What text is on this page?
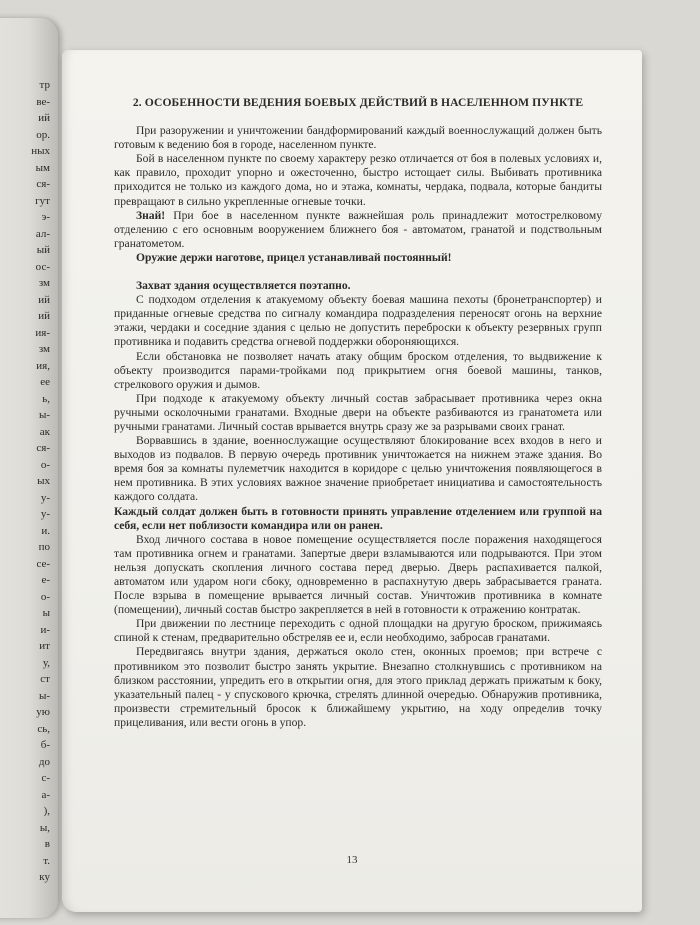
тр
ве-
ий
ор.
ных
ым
ся-
гут
э-
ал-
ый
ос-
зм
ий
ий
ия-
зм
ия,
ее
ь,
ы-
ак
ся-
о-
ых
у-
у-
и.
по
се-
е-
о-
ы
и-
ит
у,
ст
ы-
ую
сь,
б-
до
с-
a-
),
ы,
в
т.
ку
2. ОСОБЕННОСТИ ВЕДЕНИЯ БОЕВЫХ ДЕЙСТВИЙ В НАСЕЛЕННОМ ПУНКТЕ

При разоружении и уничтожении бандформирований каждый военнослужащий должен быть готовым к ведению боя в городе, населенном пункте.

Бой в населенном пункте по своему характеру резко отличается от боя в полевых условиях и, как правило, проходит упорно и ожесточенно, быстро истощает силы. Выбивать противника приходится не только из каждого дома, но и этажа, комнаты, чердака, подвала, которые бандиты превращают в сильно укрепленные огневые точки.

Знай! При бое в населенном пункте важнейшая роль принадлежит мотострелковому отделению с его основным вооружением ближнего боя - автоматом, гранатой и подствольным гранатометом.

Оружие держи наготове, прицел устанавливай постоянный!

Захват здания осуществляется поэтапно.

С подходом отделения к атакуемому объекту боевая машина пехоты (бронетранспортер) и приданные огневые средства по сигналу командира подразделения переносят огонь на верхние этажи, чердаки и соседние здания с целью не допустить переброски к объекту резервных групп противника и подавить средства огневой поддержки обороняющихся.

Если обстановка не позволяет начать атаку общим броском отделения, то выдвижение к объекту производится парами-тройками под прикрытием огня боевой машины, танков, стрелкового оружия и дымов.

При подходе к атакуемому объекту личный состав забрасывает противника через окна ручными осколочными гранатами. Входные двери на объекте разбиваются из гранатомета или ручными гранатами. Личный состав врывается внутрь сразу же за разрывами своих гранат.

Ворвавшись в здание, военнослужащие осуществляют блокирование всех входов в него и выходов из подвалов. В первую очередь противник уничтожается на нижнем этаже здания. Во время боя за комнаты пулеметчик находится в коридоре с целью уничтожения появляющегося в нем противника. В этих условиях важное значение приобретает инициатива и самостоятельность каждого солдата.

Каждый солдат должен быть в готовности принять управление отделением или группой на себя, если нет поблизости командира или он ранен.

Вход личного состава в новое помещение осуществляется после поражения находящегося там противника огнем и гранатами. Запертые двери взламываются или подрываются. При этом нельзя допускать скопления личного состава перед дверью. Дверь распахивается палкой, автоматом или ударом ноги сбоку, одновременно в распахнутую дверь забрасывается граната. После взрыва в помещение врывается личный состав. Уничтожив противника в комнате (помещении), личный состав быстро закрепляется в ней в готовности к отражению контратак.

При движении по лестнице переходить с одной площадки на другую броском, прижимаясь спиной к стенам, предварительно обстреляв ее и, если необходимо, забросав гранатами.

Передвигаясь внутри здания, держаться около стен, оконных проемов; при встрече с противником это позволит быстро занять укрытие. Внезапно столкнувшись с противником на близком расстоянии, упредить его в открытии огня, для этого приклад держать прижатым к боку, указательный палец - у спускового крючка, стрелять длинной очередью. Обнаружив противника, произвести стремительный бросок к ближайшему укрытию, на ходу определив точку прицеливания, или вести огонь в упор.

13
